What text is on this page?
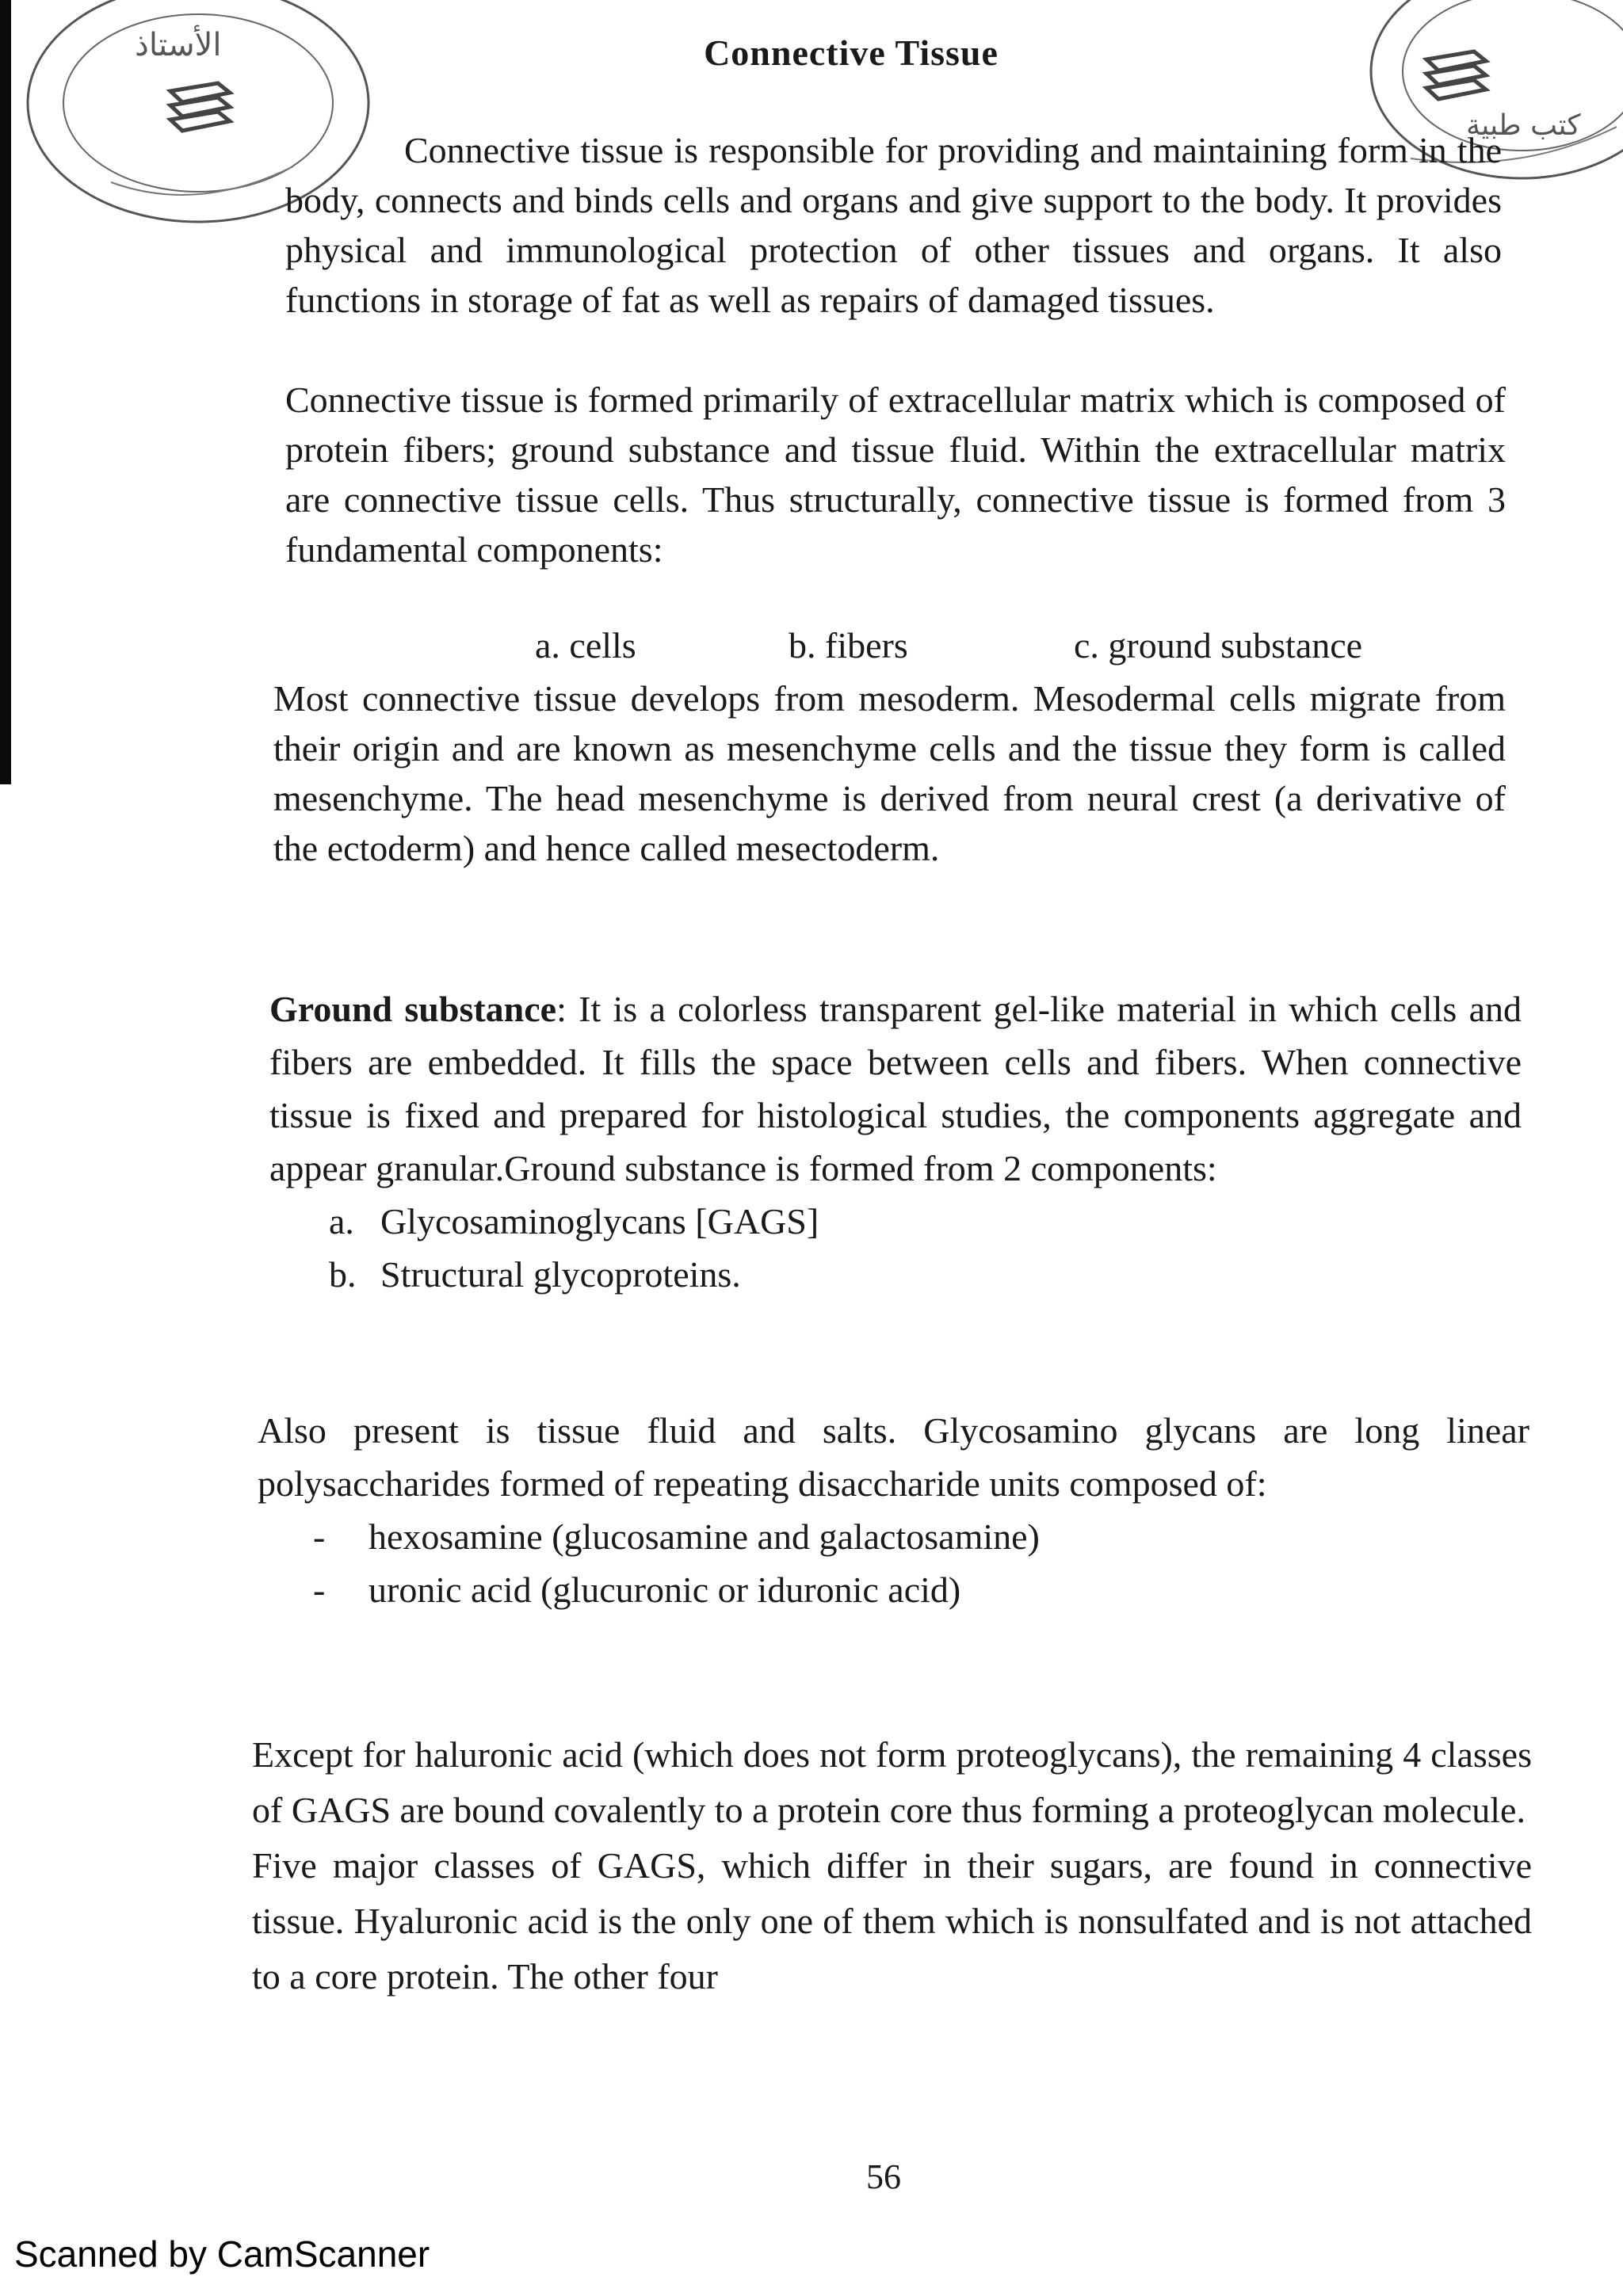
الأستاذ
كتب طبية
Connective Tissue

Connective tissue is responsible for providing and maintaining form in the body, connects and binds cells and organs and give support to the body. It provides physical and immunological protection of other tissues and organs. It also functions in storage of fat as well as repairs of damaged tissues.

Connective tissue is formed primarily of extracellular matrix which is composed of protein fibers; ground substance and tissue fluid. Within the extracellular matrix are connective tissue cells. Thus structurally, connective tissue is formed from 3 fundamental components:

a. cells	b. fibers	c. ground substance

Most connective tissue develops from mesoderm. Mesodermal cells migrate from their origin and are known as mesenchyme cells and the tissue they form is called mesenchyme. The head mesenchyme is derived from neural crest (a derivative of the ectoderm) and hence called mesectoderm.

Ground substance: It is a colorless transparent gel-like material in which cells and fibers are embedded. It fills the space between cells and fibers. When connective tissue is fixed and prepared for histological studies, the components aggregate and appear granular.Ground substance is formed from 2 components:

a. Glycosaminoglycans [GAGS]
b. Structural glycoproteins.

Also present is tissue fluid and salts. Glycosamino glycans are long linear polysaccharides formed of repeating disaccharide units composed of:

- hexosamine (glucosamine and galactosamine)
- uronic acid (glucuronic or iduronic acid)

Except for haluronic acid (which does not form proteoglycans), the remaining 4 classes of GAGS are bound covalently to a protein core thus forming a proteoglycan molecule.

Five major classes of GAGS, which differ in their sugars, are found in connective tissue. Hyaluronic acid is the only one of them which is nonsulfated and is not attached to a core protein. The other four

56
Scanned by CamScanner
